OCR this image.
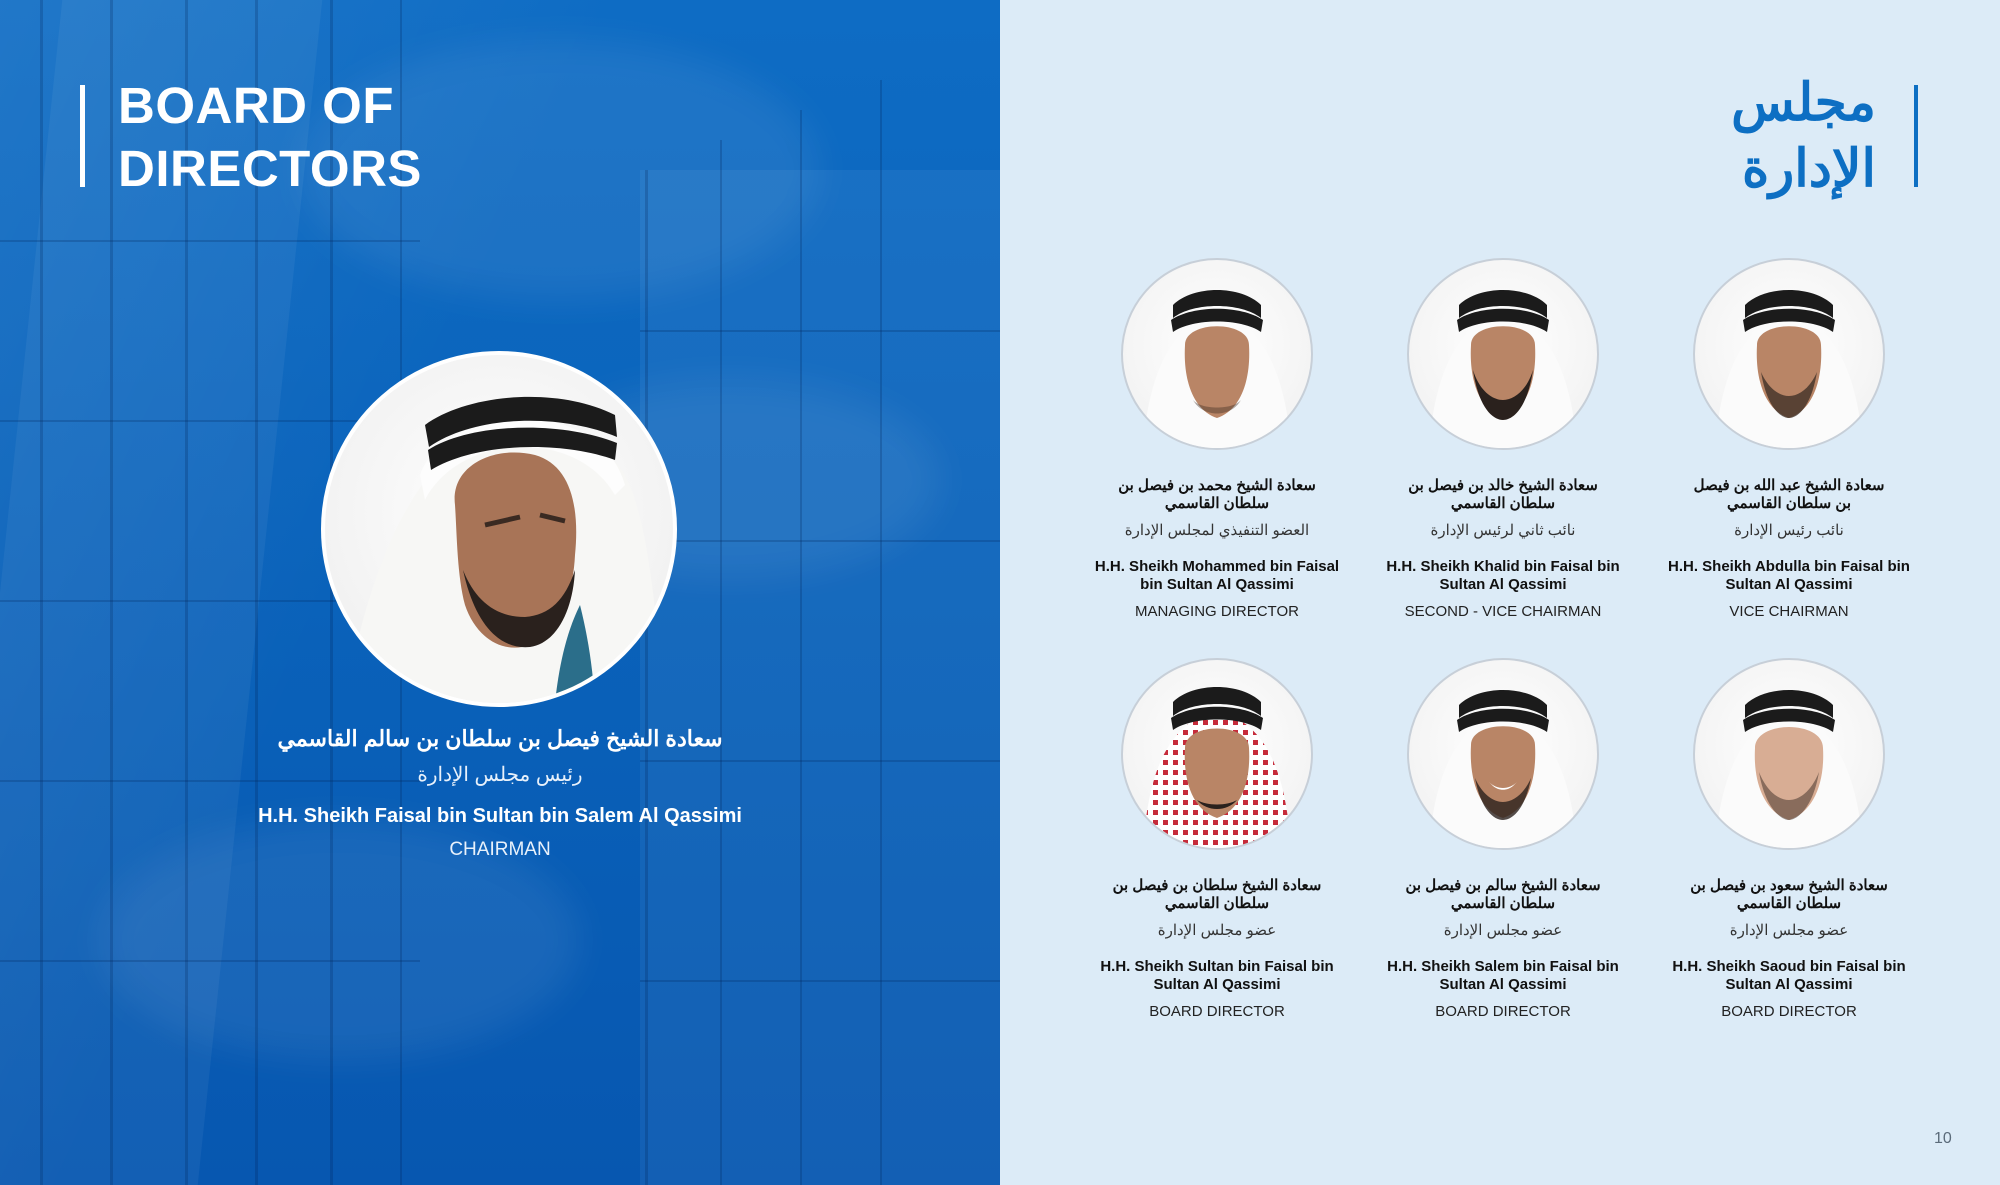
BOARD OF
DIRECTORS
سعادة الشيخ فيصل بن سلطان بن سالم القاسمي
رئيس مجلس الإدارة
H.H. Sheikh Faisal bin Sultan bin Salem Al Qassimi
CHAIRMAN
مجلس
الإدارة
سعادة الشيخ محمد بن فيصل بن سلطان القاسمي
العضو التنفيذي لمجلس الإدارة
H.H. Sheikh Mohammed bin Faisal bin Sultan Al Qassimi
MANAGING DIRECTOR
سعادة الشيخ خالد بن فيصل بن سلطان القاسمي
نائب ثاني لرئيس الإدارة
H.H. Sheikh Khalid bin Faisal bin Sultan Al Qassimi
SECOND - VICE CHAIRMAN
سعادة الشيخ عبد الله بن فيصل بن سلطان القاسمي
نائب رئيس الإدارة
H.H. Sheikh Abdulla bin Faisal bin Sultan Al Qassimi
VICE CHAIRMAN
سعادة الشيخ سلطان بن فيصل بن سلطان القاسمي
عضو مجلس الإدارة
H.H. Sheikh Sultan bin Faisal bin Sultan Al Qassimi
BOARD DIRECTOR
سعادة الشيخ سالم بن فيصل بن سلطان القاسمي
عضو مجلس الإدارة
H.H. Sheikh Salem bin Faisal bin Sultan Al Qassimi
BOARD DIRECTOR
سعادة الشيخ سعود بن فيصل بن سلطان القاسمي
عضو مجلس الإدارة
H.H. Sheikh Saoud bin Faisal bin Sultan Al Qassimi
BOARD DIRECTOR
10
